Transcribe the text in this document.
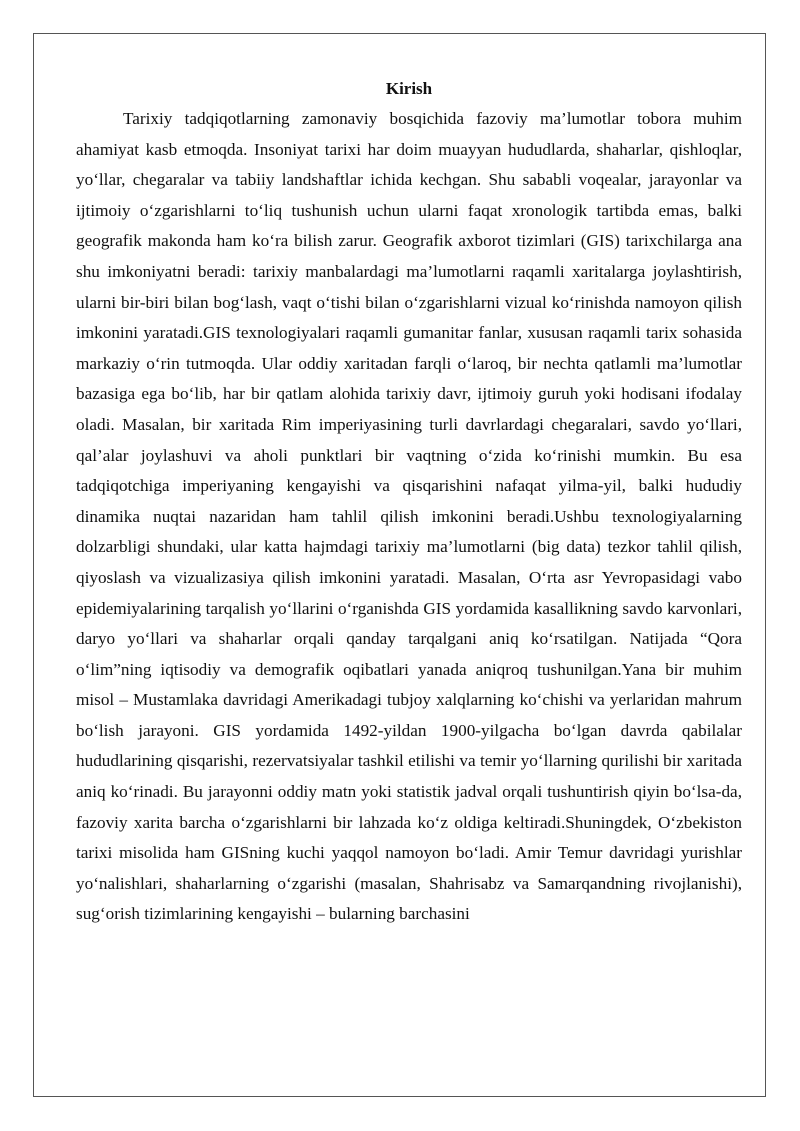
Kirish

Tarixiy tadqiqotlarning zamonaviy bosqichida fazoviy ma’lumotlar tobora muhim ahamiyat kasb etmoqda. Insoniyat tarixi har doim muayyan hududlarda, shaharlar, qishloqlar, yo‘llar, chegaralar va tabiiy landshaftlar ichida kechgan. Shu sababli voqealar, jarayonlar va ijtimoiy o‘zgarishlarni to‘liq tushunish uchun ularni faqat xronologik tartibda emas, balki geografik makonda ham ko‘ra bilish zarur. Geografik axborot tizimlari (GIS) tarixchilarga ana shu imkoniyatni beradi: tarixiy manbalardagi ma’lumotlarni raqamli xaritalarga joylashtirish, ularni bir-biri bilan bog‘lash, vaqt o‘tishi bilan o‘zgarishlarni vizual ko‘rinishda namoyon qilish imkonini yaratadi.GIS texnologiyalari raqamli gumanitar fanlar, xususan raqamli tarix sohasida markaziy o‘rin tutmoqda. Ular oddiy xaritadan farqli o‘laroq, bir nechta qatlamli ma’lumotlar bazasiga ega bo‘lib, har bir qatlam alohida tarixiy davr, ijtimoiy guruh yoki hodisani ifodalay oladi. Masalan, bir xaritada Rim imperiyasining turli davrlardagi chegaralari, savdo yo‘llari, qal’alar joylashuvi va aholi punktlari bir vaqtning o‘zida ko‘rinishi mumkin. Bu esa tadqiqotchiga imperiyaning kengayishi va qisqarishini nafaqat yilma-yil, balki hududiy dinamika nuqtai nazaridan ham tahlil qilish imkonini beradi.Ushbu texnologiyalarning dolzarbligi shundaki, ular katta hajmdagi tarixiy ma’lumotlarni (big data) tezkor tahlil qilish, qiyoslash va vizualizasiya qilish imkonini yaratadi. Masalan, O‘rta asr Yevropasidagi vabo epidemiyalarining tarqalish yo‘llarini o‘rganishda GIS yordamida kasallikning savdo karvonlari, daryo yo‘llari va shaharlar orqali qanday tarqalgani aniq ko‘rsatilgan. Natijada “Qora o‘lim”ning iqtisodiy va demografik oqibatlari yanada aniqroq tushunilgan.Yana bir muhim misol – Mustamlaka davridagi Amerikadagi tubjoy xalqlarning ko‘chishi va yerlaridan mahrum bo‘lish jarayoni. GIS yordamida 1492-yildan 1900-yilgacha bo‘lgan davrda qabilalar hududlarining qisqarishi, rezervatsiyalar tashkil etilishi va temir yo‘llarning qurilishi bir xaritada aniq ko‘rinadi. Bu jarayonni oddiy matn yoki statistik jadval orqali tushuntirish qiyin bo‘lsa-da, fazoviy xarita barcha o‘zgarishlarni bir lahzada ko‘z oldiga keltiradi.Shuningdek, O‘zbekiston tarixi misolida ham GISning kuchi yaqqol namoyon bo‘ladi. Amir Temur davridagi yurishlar yo‘nalishlari, shaharlarning o‘zgarishi (masalan, Shahrisabz va Samarqandning rivojlanishi), sug‘orish tizimlarining kengayishi – bularning barchasini
